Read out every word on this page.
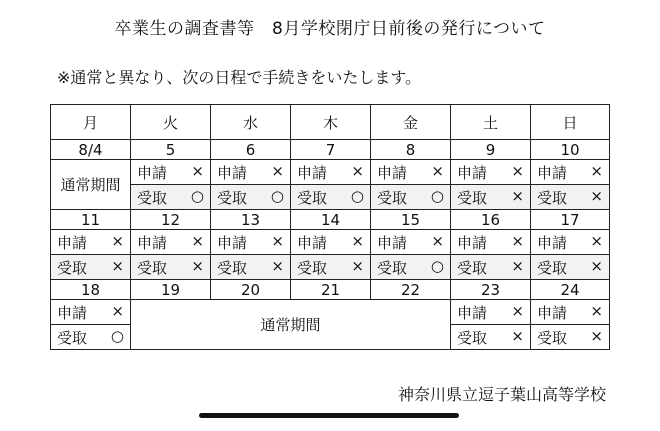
卒業生の調査書等　8月学校閉庁日前後の発行について
※通常と異なり、次の日程で手続きをいたします。
月	火	水	木	金	土	日
8/4	5	6	7	8	9	10
通常期間	申請 ×	申請 ×	申請 ×	申請 ×	申請 ×	申請 ×

	受取 ○	受取 ○	受取 ○	受取 ○	受取 ×	受取 ×

11	12	13	14	15	16	17

申請 ×	申請 ×	申請 ×	申請 ×	申請 ×	申請 ×	申請 ×

受取 ×	受取 ×	受取 ×	受取 ×	受取 ○	受取 ×	受取 ×

18	19	20	21	22	23	24

申請 ×	通常期間				申請 ×	申請 ×

受取 ○					受取 ×	受取 ×
神奈川県立逗子葉山高等学校
